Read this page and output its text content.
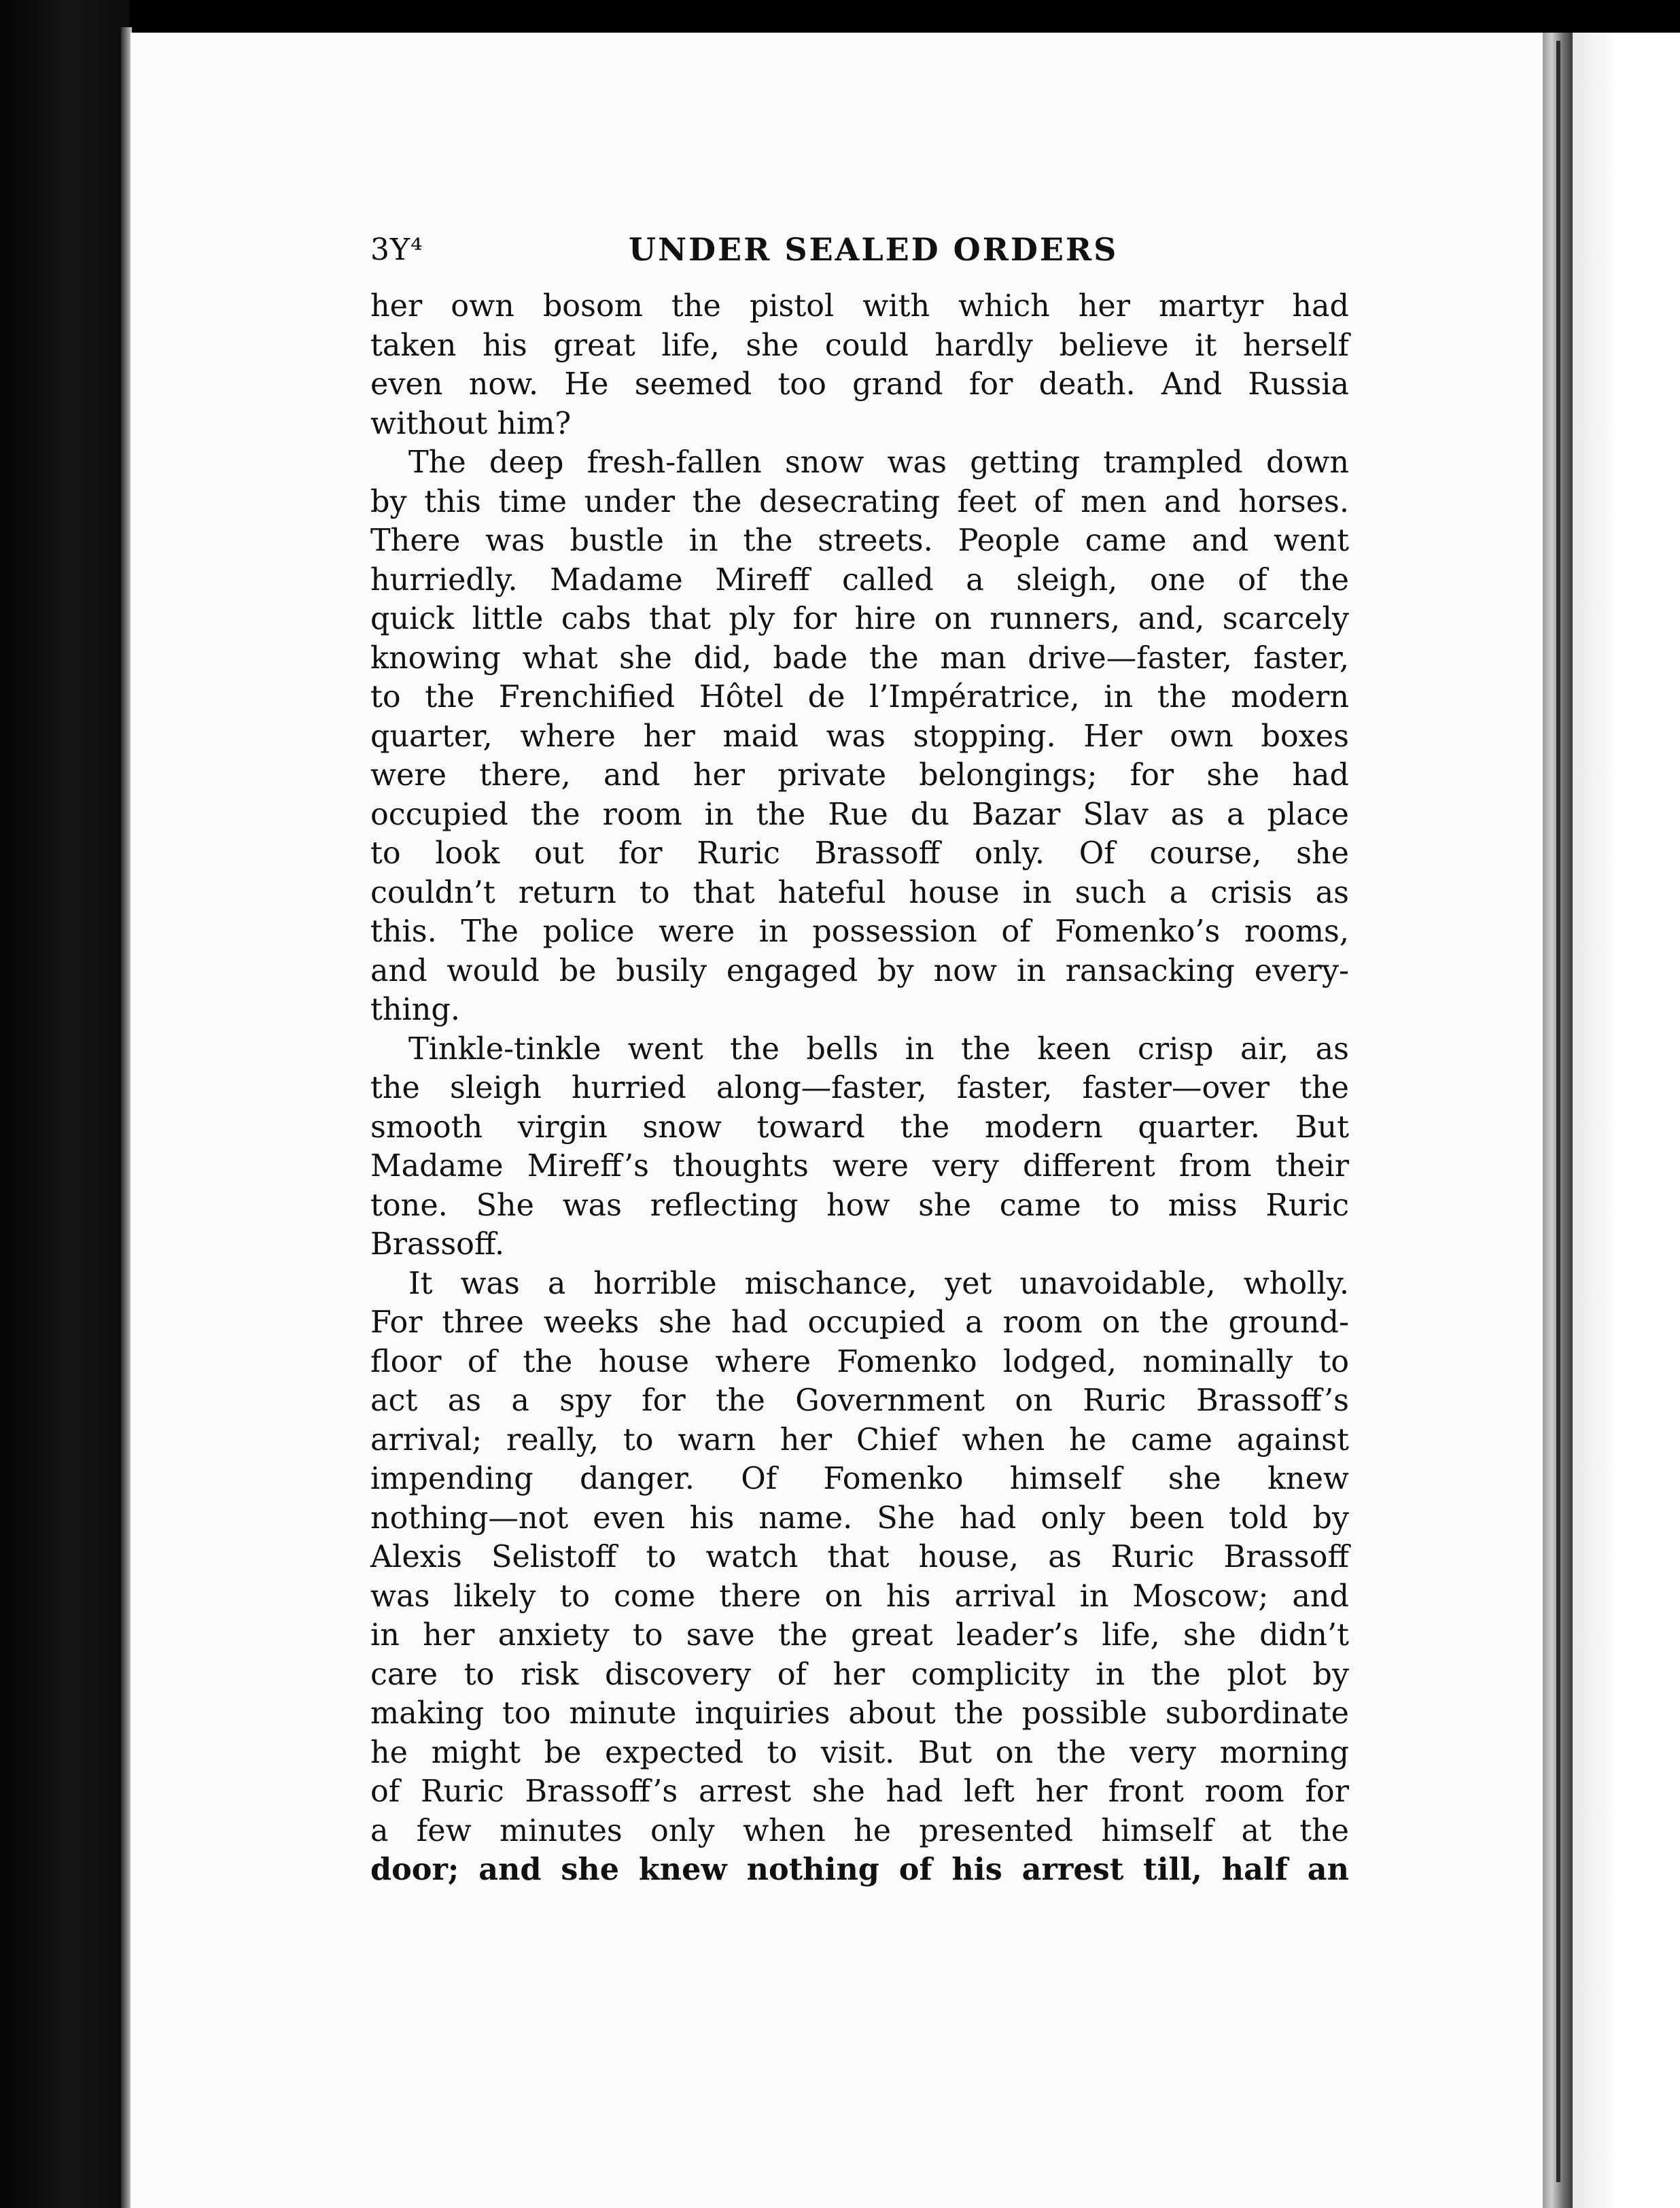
3Υ⁴	UNDER SEALED ORDERS

her own bosom the pistol with which her martyr had
taken his great life, she could hardly believe it herself
even now. He seemed too grand for death. And Russia
without him?

The deep fresh-fallen snow was getting trampled down
by this time under the desecrating feet of men and horses.
There was bustle in the streets. People came and went
hurriedly. Madame Mireff called a sleigh, one of the
quick little cabs that ply for hire on runners, and, scarcely
knowing what she did, bade the man drive—faster, faster,
to the Frenchified Hôtel de l’Impératrice, in the modern
quarter, where her maid was stopping. Her own boxes
were there, and her private belongings; for she had
occupied the room in the Rue du Bazar Slav as a place
to look out for Ruric Brassoff only. Of course, she
couldn’t return to that hateful house in such a crisis as
this. The police were in possession of Fomenko’s rooms,
and would be busily engaged by now in ransacking every-
thing.

Tinkle-tinkle went the bells in the keen crisp air, as
the sleigh hurried along—faster, faster, faster—over the
smooth virgin snow toward the modern quarter. But
Madame Mireff’s thoughts were very different from their
tone. She was reflecting how she came to miss Ruric
Brassoff.

It was a horrible mischance, yet unavoidable, wholly.
For three weeks she had occupied a room on the ground-
floor of the house where Fomenko lodged, nominally to
act as a spy for the Government on Ruric Brassoff’s
arrival; really, to warn her Chief when he came against
impending danger. Of Fomenko himself she knew
nothing—not even his name. She had only been told by
Alexis Selistoff to watch that house, as Ruric Brassoff
was likely to come there on his arrival in Moscow; and
in her anxiety to save the great leader’s life, she didn’t
care to risk discovery of her complicity in the plot by
making too minute inquiries about the possible subordinate
he might be expected to visit. But on the very morning
of Ruric Brassoff’s arrest she had left her front room for
a few minutes only when he presented himself at the
door; and she knew nothing of his arrest till, half an
